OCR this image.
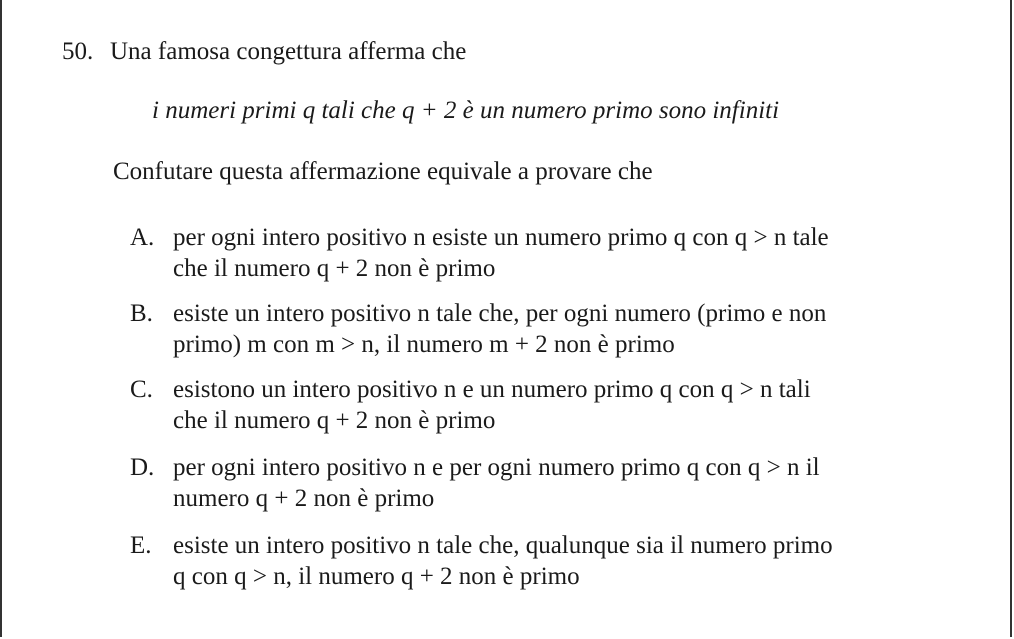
50. Una famosa congettura afferma che
i numeri primi q tali che q + 2 è un numero primo sono infiniti
Confutare questa affermazione equivale a provare che
A. per ogni intero positivo n esiste un numero primo q con q > n tale
che il numero q + 2 non è primo
B. esiste un intero positivo n tale che, per ogni numero (primo e non
primo) m con m > n, il numero m + 2 non è primo
C. esistono un intero positivo n e un numero primo q con q > n tali
che il numero q + 2 non è primo
D. per ogni intero positivo n e per ogni numero primo q con q > n il
numero q + 2 non è primo
E. esiste un intero positivo n tale che, qualunque sia il numero primo
q con q > n, il numero q + 2 non è primo
